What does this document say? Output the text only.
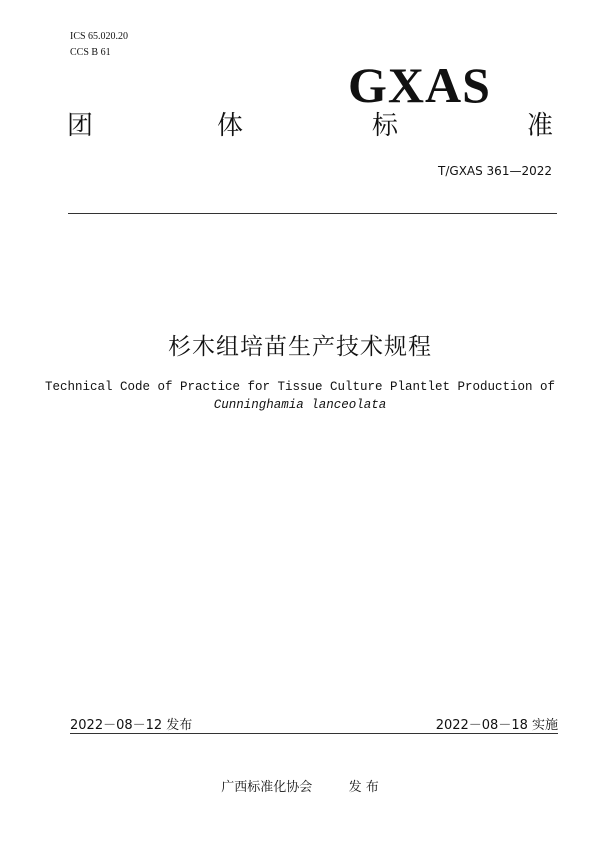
ICS 65.020.20
CCS B 61
GXAS
团	体	标	准
T/GXAS 361—2022
杉木组培苗生产技术规程
Technical Code of Practice for Tissue Culture Plantlet Production of
Cunninghamia lanceolata
2022－08－12 发布	2022－08－18 实施
广西标准化协会	发 布
